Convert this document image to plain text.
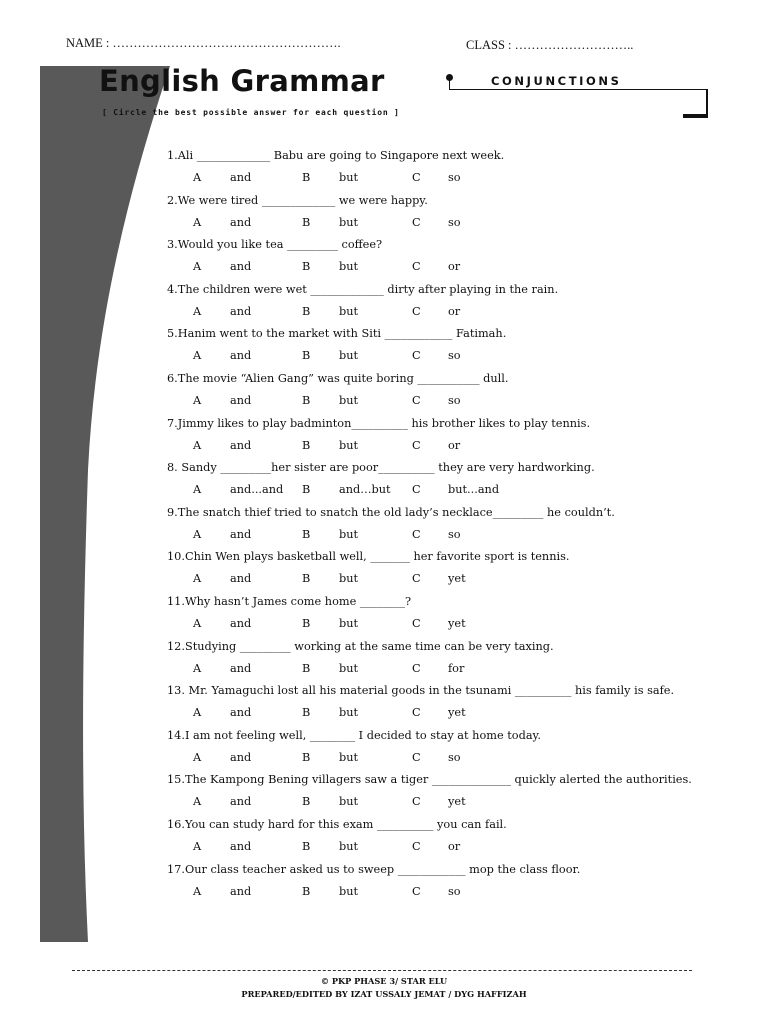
NAME : ……………………………………………….	CLASS : ………………………..
English Grammar	CONJUNCTIONS
[ Circle the best possible answer for each question ]
1.Ali _____________ Babu are going to Singapore next week.
A	and	B	but	C so
2.We were tired _____________ we were happy.
A	and	B	but	C so
3.Would you like tea _________ coffee?
A	and	B	but	C or
4.The children were wet _____________ dirty after playing in the rain.
A	and	B	but	C or
5.Hanim went to the market with Siti ____________ Fatimah.
A	and	B	but	C so
6.The movie “Alien Gang” was quite boring ___________ dull.
A	and	B	but	C so
7.Jimmy likes to play badminton__________ his brother likes to play tennis.
A	and	B	but	C or
8. Sandy _________her sister are poor__________ they are very hardworking.
A	and...and B	and…but C but...and
9.The snatch thief tried to snatch the old lady’s necklace_________ he couldn’t.
A	and	B	but	C so
10.Chin Wen plays basketball well, _______ her favorite sport is tennis.
A	and	B	but	C yet
11.Why hasn’t James come home ________?
A	and	B	but	C yet
12.Studying _________ working at the same time can be very taxing.
A	and	B	but	C for
13. Mr. Yamaguchi lost all his material goods in the tsunami __________ his family is safe.
A	and	B	but	C yet
14.I am not feeling well, ________ I decided to stay at home today.
A	and	B	but	C so
15.The Kampong Bening villagers saw a tiger ______________ quickly alerted the authorities.
A	and	B	but	C yet
16.You can study hard for this exam __________ you can fail.
A	and	B	but	C or
17.Our class teacher asked us to sweep ____________ mop the class floor.
A	and	B	but	C so
© PKP PHASE 3/ STAR ELU
PREPARED/EDITED BY IZAT USSALY JEMAT / DYG HAFFIZAH
